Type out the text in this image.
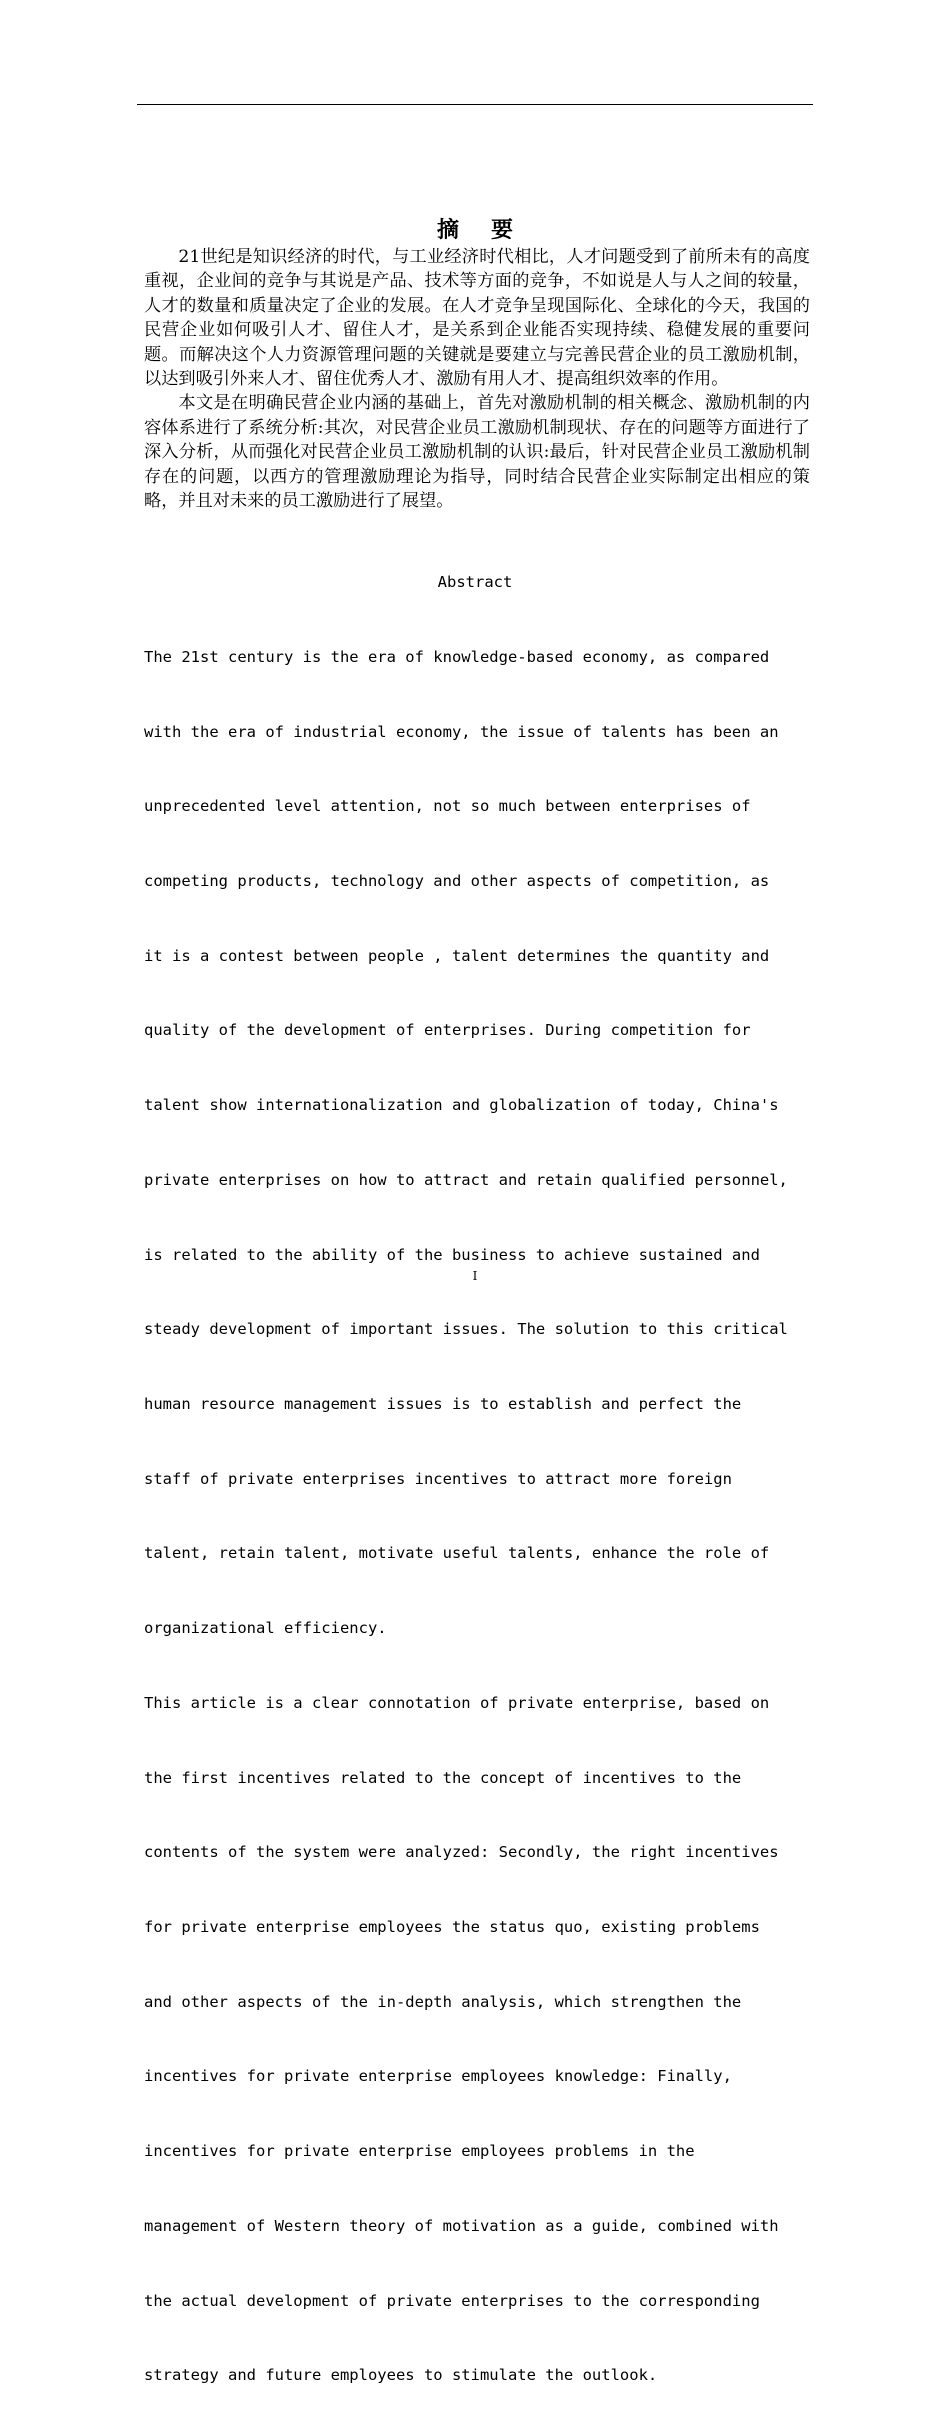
摘 要

21世纪是知识经济的时代，与工业经济时代相比，人才问题受到了前所未有的高度重视，企业间的竞争与其说是产品、技术等方面的竞争，不如说是人与人之间的较量，人才的数量和质量决定了企业的发展。在人才竞争呈现国际化、全球化的今天，我国的民营企业如何吸引人才、留住人才，是关系到企业能否实现持续、稳健发展的重要问题。而解决这个人力资源管理问题的关键就是要建立与完善民营企业的员工激励机制，以达到吸引外来人才、留住优秀人才、激励有用人才、提高组织效率的作用。

本文是在明确民营企业内涵的基础上，首先对激励机制的相关概念、激励机制的内容体系进行了系统分析:其次，对民营企业员工激励机制现状、存在的问题等方面进行了深入分析，从而强化对民营企业员工激励机制的认识:最后，针对民营企业员工激励机制存在的问题，以西方的管理激励理论为指导，同时结合民营企业实际制定出相应的策略，并且对未来的员工激励进行了展望。

Abstract

The 21st century is the era of knowledge-based economy, as compared

with the era of industrial economy, the issue of talents has been an

unprecedented level attention, not so much between enterprises of

competing products, technology and other aspects of competition, as

it is a contest between people , talent determines the quantity and

quality of the development of enterprises. During competition for

talent show internationalization and globalization of today, China's

private enterprises on how to attract and retain qualified personnel,

is related to the ability of the business to achieve sustained and

steady development of important issues. The solution to this critical

human resource management issues is to establish and perfect the

staff of private enterprises incentives to attract more foreign

talent, retain talent, motivate useful talents, enhance the role of

organizational efficiency.

This article is a clear connotation of private enterprise, based on

the first incentives related to the concept of incentives to the

contents of the system were analyzed: Secondly, the right incentives

for private enterprise employees the status quo, existing problems

and other aspects of the in-depth analysis, which strengthen the

incentives for private enterprise employees knowledge: Finally,

incentives for private enterprise employees problems in the

management of Western theory of motivation as a guide, combined with

the actual development of private enterprises to the corresponding

strategy and future employees to stimulate the outlook.

I
